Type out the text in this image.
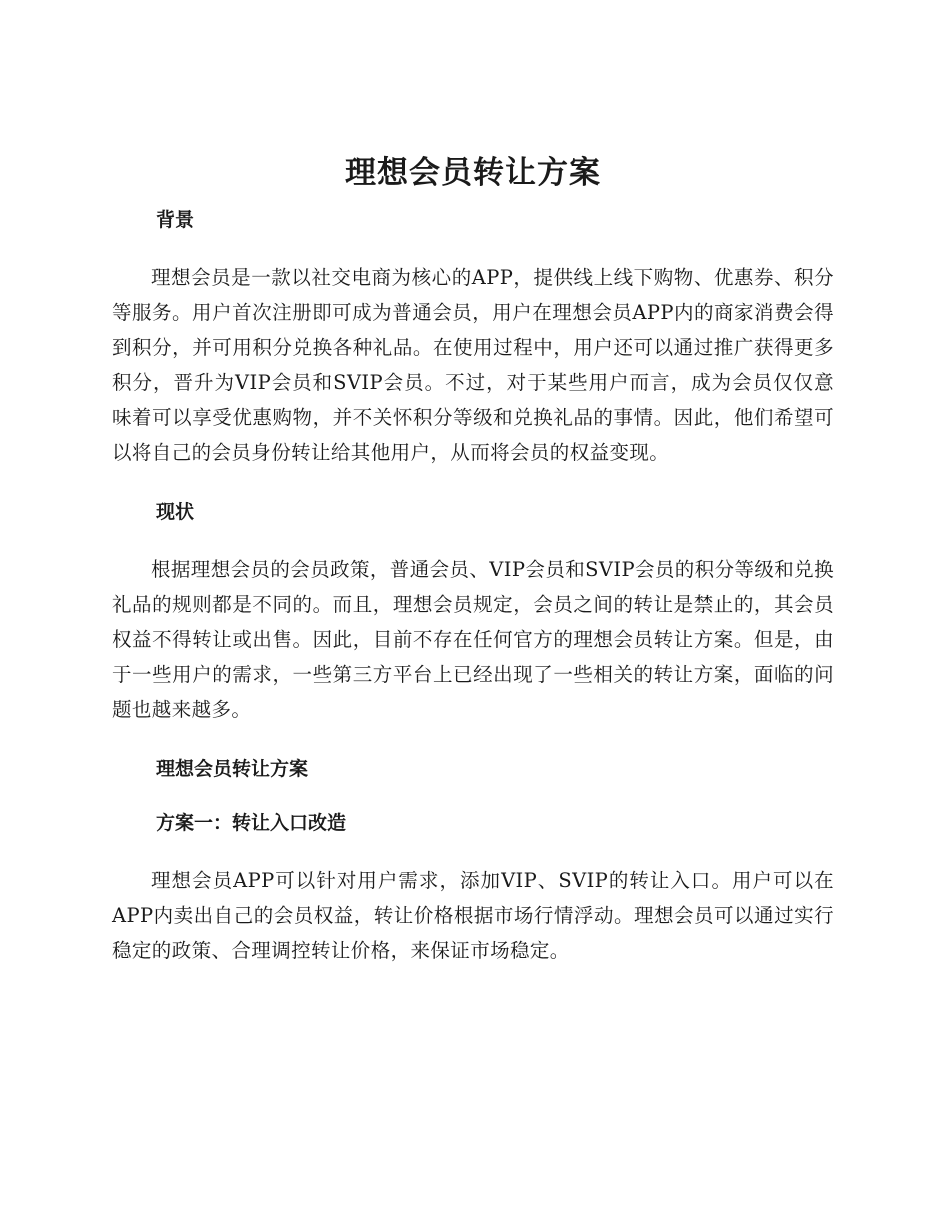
理想会员转让方案
背景

理想会员是一款以社交电商为核心的APP，提供线上线下购物、优惠券、积分等服务。用户首次注册即可成为普通会员，用户在理想会员APP内的商家消费会得到积分，并可用积分兑换各种礼品。在使用过程中，用户还可以通过推广获得更多积分，晋升为VIP会员和SVIP会员。不过，对于某些用户而言，成为会员仅仅意味着可以享受优惠购物，并不关怀积分等级和兑换礼品的事情。因此，他们希望可以将自己的会员身份转让给其他用户，从而将会员的权益变现。

现状

根据理想会员的会员政策，普通会员、VIP会员和SVIP会员的积分等级和兑换礼品的规则都是不同的。而且，理想会员规定，会员之间的转让是禁止的，其会员权益不得转让或出售。因此，目前不存在任何官方的理想会员转让方案。但是，由于一些用户的需求，一些第三方平台上已经出现了一些相关的转让方案，面临的问题也越来越多。

理想会员转让方案
方案一：转让入口改造

理想会员APP可以针对用户需求，添加VIP、SVIP的转让入口。用户可以在APP内卖出自己的会员权益，转让价格根据市场行情浮动。理想会员可以通过实行稳定的政策、合理调控转让价格，来保证市场稳定。
